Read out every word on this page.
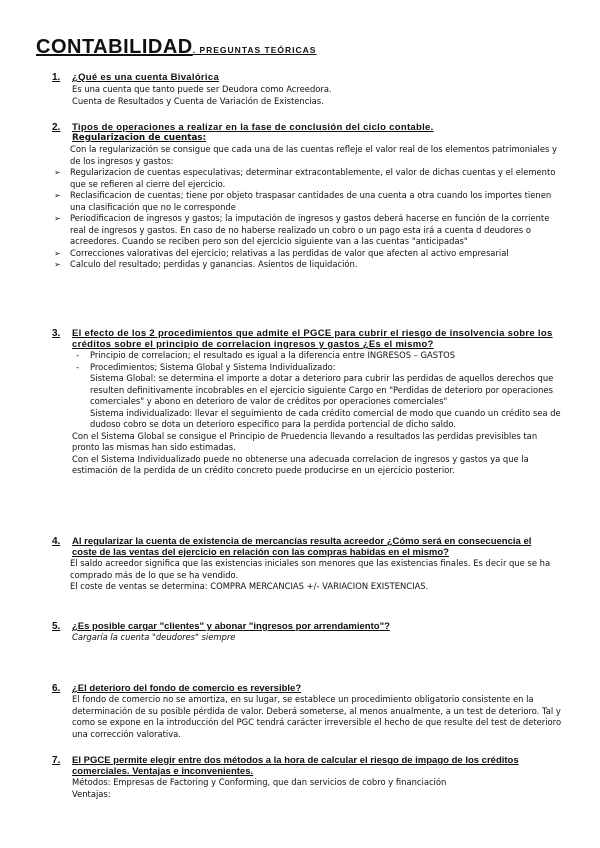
CONTABILIDAD. PREGUNTAS TEÓRICAS
1.	¿Qué es una cuenta Bivalórica
Es una cuenta que tanto puede ser Deudora como Acreedora.
Cuenta de Resultados y Cuenta de Variación de Existencias.
2.	Tipos de operaciones a realizar en la fase de conclusión del ciclo contable.
Regularizacion de cuentas:
Con la regularización se consigue que cada una de las cuentas refleje el valor real de los elementos patrimoniales y de los ingresos y gastos:
➢ Regularizacion de cuentas especulativas; determinar extracontablemente, el valor de dichas cuentas y el elemento que se refieren al cierre del ejercicio.
➢ Reclasificacion de cuentas; tiene por objeto traspasar cantidades de una cuenta a otra cuando los importes tienen una clasificación que no le corresponde
➢ Periodificacion de ingresos y gastos; la imputación de ingresos y gastos deberá hacerse en función de la corriente real de ingresos y gastos. En caso de no haberse realizado un cobro o un pago esta irá a cuenta d deudores o acreedores. Cuando se reciben pero son del ejercicio siguiente van a las cuentas "anticipadas"
➢ Correcciones valorativas del ejercicio; relativas a las perdidas de valor que afecten al activo empresarial
➢ Calculo del resultado; perdidas y ganancias. Asientos de liquidación.
3.	El efecto de los 2 procedimientos que admite el PGCE para cubrir el riesgo de insolvencia sobre los créditos sobre el principio de correlacion ingresos y gastos ¿Es el mismo?
- Principio de correlacion; el resultado es igual a la diferencia entre INGRESOS – GASTOS
- Procedimientos; Sistema Global y Sistema Individualizado:
Sistema Global: se determina el importe a dotar a deterioro para cubrir las perdidas de aquellos derechos que resulten definitivamente incobrables en el ejercicio siguiente Cargo en "Perdidas de deterioro por operaciones comerciales" y abono en deterioro de valor de créditos por operaciones comerciales"
Sistema individualizado: llevar el seguimiento de cada crédito comercial de modo que cuando un crédito sea de dudoso cobro se dota un deterioro especifico para la perdida portencial de dicho saldo.
Con el Sistema Global se consigue el Principio de Pruedencia llevando a resultados las perdidas previsibles tan pronto las mismas han sido estimadas.
Con el Sistema Individualizado puede no obtenerse una adecuada correlacion de ingresos y gastos ya que la estimación de la perdida de un crédito concreto puede producirse en un ejercicio posterior.
4.	Al regularizar la cuenta de existencia de mercancías resulta acreedor ¿Cómo será en consecuencia el coste de las ventas del ejercicio en relación con las compras habidas en el mismo?
El saldo acreedor significa que las existencias iniciales son menores que las existencias finales. Es decir que se ha comprado más de lo que se ha vendido.
El coste de ventas se determina: COMPRA MERCANCIAS +/- VARIACION EXISTENCIAS.
5.	¿Es posible cargar "clientes" y abonar "ingresos por arrendamiento"?
Cargaría la cuenta "deudores" siempre
6.	¿El deterioro del fondo de comercio es reversible?
El fondo de comercio no se amortiza, en su lugar, se establece un procedimiento obligatorio consistente en la determinación de su posible pérdida de valor. Deberá someterse, al menos anualmente, a un test de deterioro. Tal y como se expone en la introducción del PGC tendrá carácter irreversible el hecho de que resulte del test de deterioro una corrección valorativa.
7.	El PGCE permite elegir entre dos métodos a la hora de calcular el riesgo de impago de los créditos comerciales. Ventajas e inconvenientes.
Métodos: Empresas de Factoring y Conforming, que dan servicios de cobro y financiación
Ventajas:
